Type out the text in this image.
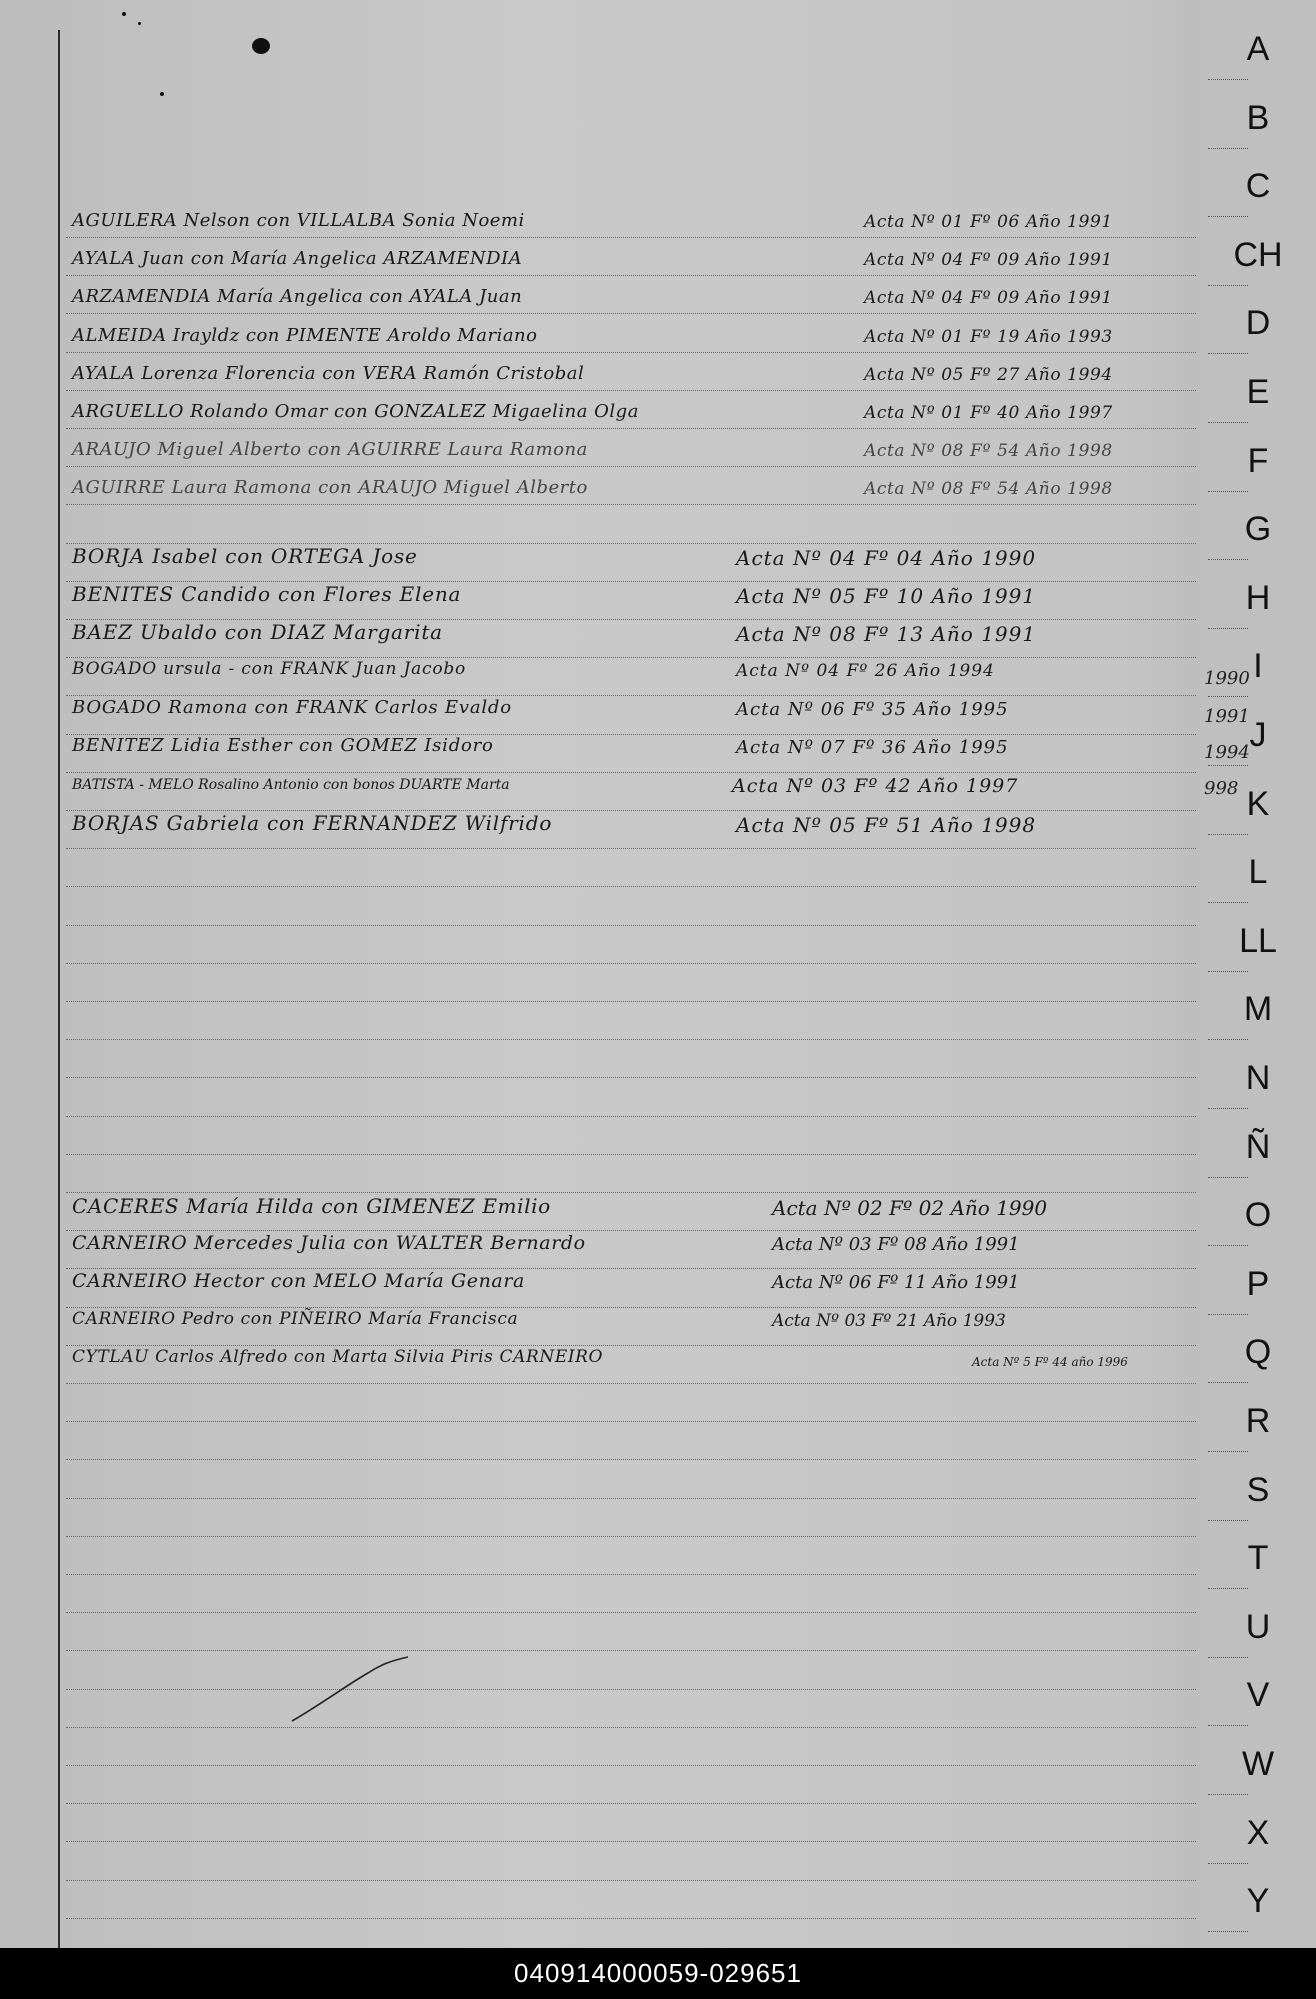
AGUILERA Nelson con VILLALBA Sonia Noemi	Acta Nº 01 Fº 06 Año 1991
AYALA Juan con María Angelica ARZAMENDIA	Acta Nº 04 Fº 09 Año 1991
ARZAMENDIA María Angelica con AYALA Juan	Acta Nº 04 Fº 09 Año 1991
ALMEIDA Irayldz con PIMENTE Aroldo Mariano	Acta Nº 01 Fº 19 Año 1993
AYALA Lorenza Florencia con VERA Ramón Cristobal	Acta Nº 05 Fº 27 Año 1994
ARGUELLO Rolando Omar con GONZALEZ Migaelina Olga	Acta Nº 01 Fº 40 Año 1997
ARAUJO Miguel Alberto con AGUIRRE Laura Ramona	Acta Nº 08 Fº 54 Año 1998
AGUIRRE Laura Ramona con ARAUJO Miguel Alberto	Acta Nº 08 Fº 54 Año 1998
BORJA Isabel con ORTEGA Jose	Acta Nº 04 Fº 04 Año 1990
BENITES Candido con Flores Elena	Acta Nº 05 Fº 10 Año 1991
BAEZ Ubaldo con DIAZ Margarita	Acta Nº 08 Fº 13 Año 1991
BOGADO ursula - con FRANK Juan Jacobo	Acta Nº 04 Fº 26 Año 1994
BOGADO Ramona con FRANK Carlos Evaldo	Acta Nº 06 Fº 35 Año 1995
BENITEZ Lidia Esther con GOMEZ Isidoro	Acta Nº 07 Fº 36 Año 1995
BATISTA - MELO Rosalino Antonio con bonos DUARTE Marta	Acta Nº 03 Fº 42 Año 1997
BORJAS Gabriela con FERNANDEZ Wilfrido	Acta Nº 05 Fº 51 Año 1998
CACERES María Hilda con GIMENEZ Emilio	Acta Nº 02 Fº 02 Año 1990
CARNEIRO Mercedes Julia con WALTER Bernardo	Acta Nº 03 Fº 08 Año 1991
CARNEIRO Hector con MELO María Genara	Acta Nº 06 Fº 11 Año 1991
CARNEIRO Pedro con PIÑEIRO María Francisca	Acta Nº 03 Fº 21 Año 1993
CYTLAU Carlos Alfredo con Marta Silvia Piris CARNEIRO	Acta Nº 5 Fº 44 año 1996
A
B
C
CH
D
E
F
G
H
I
J
K
L
LL
M
N
Ñ
O
P
Q
R
S
T
U
V
W
X
Y
1990
1991
1994
998
040914000059-029651
